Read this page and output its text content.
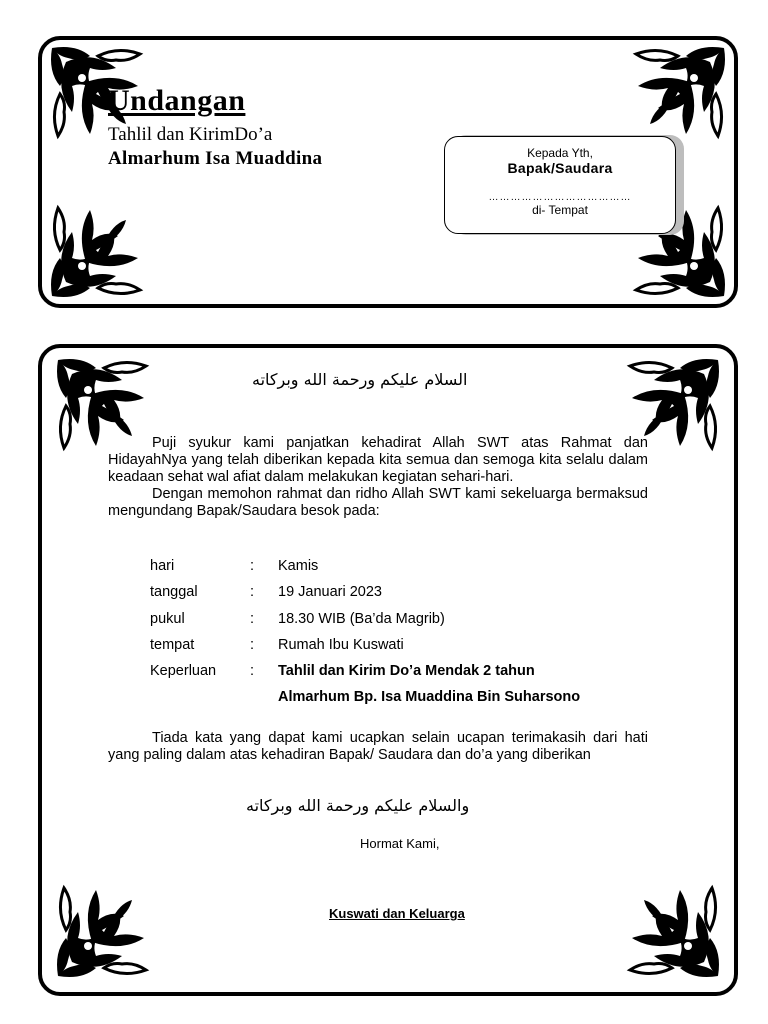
Undangan
Tahlil dan KirimDo’a
Almarhum Isa Muaddina	Kepada Yth,
Bapak/Saudara
…………………………………
di- Tempat
السلام عليكم ورحمة الله وبركاته
Puji syukur kami panjatkan kehadirat Allah SWT atas Rahmat dan HidayahNya yang telah diberikan kepada kita semua dan semoga kita selalu dalam keadaan sehat wal afiat dalam melakukan kegiatan sehari-hari.
Dengan memohon rahmat dan ridho Allah SWT kami sekeluarga bermaksud mengundang Bapak/Saudara besok pada:
hari	: Kamis
tanggal	: 19 Januari 2023
pukul	: 18.30 WIB (Ba’da Magrib)
tempat	: Rumah Ibu Kuswati
Keperluan : Tahlil dan Kirim Do’a Mendak 2 tahun
Almarhum Bp. Isa Muaddina Bin Suharsono
Tiada kata yang dapat kami ucapkan selain ucapan terimakasih dari hati yang paling dalam atas kehadiran Bapak/ Saudara dan do’a yang diberikan
والسلام عليكم ورحمة الله وبركاته
Hormat Kami,
Kuswati dan Keluarga
